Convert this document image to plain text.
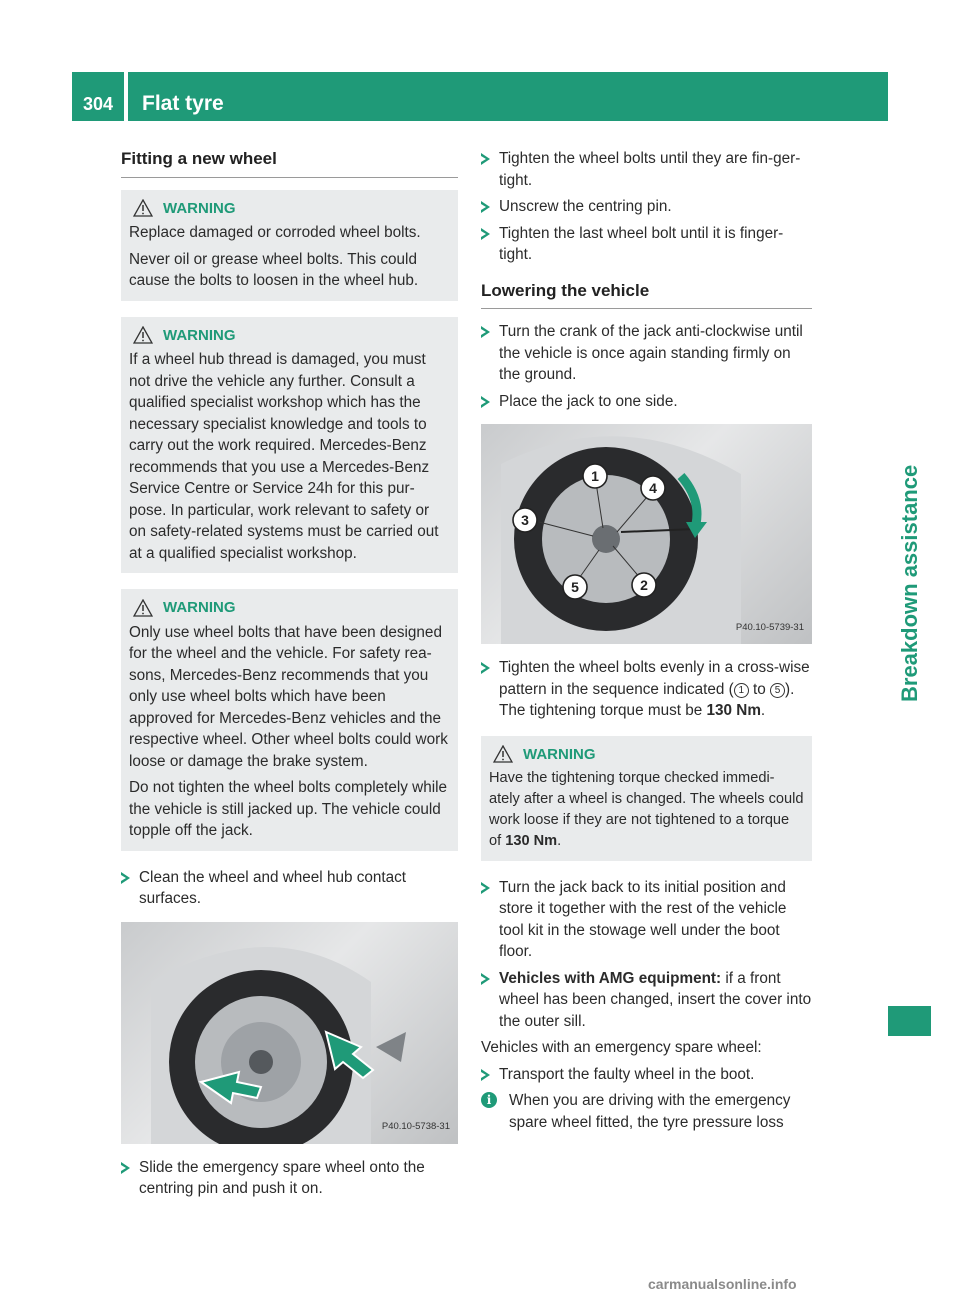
304	Flat tyre
Breakdown assistance
Fitting a new wheel
WARNING

Replace damaged or corroded wheel bolts.

Never oil or grease wheel bolts. This could cause the bolts to loosen in the wheel hub.

WARNING

If a wheel hub thread is damaged, you must not drive the vehicle any further. Consult a qualified specialist workshop which has the necessary specialist knowledge and tools to carry out the work required. Mercedes-Benz recommends that you use a Mercedes-Benz Service Centre or Service 24h for this pur-pose. In particular, work relevant to safety or on safety-related systems must be carried out at a qualified specialist workshop.

WARNING

Only use wheel bolts that have been designed for the wheel and the vehicle. For safety rea-sons, Mercedes-Benz recommends that you only use wheel bolts which have been approved for Mercedes-Benz vehicles and the respective wheel. Other wheel bolts could work loose or damage the brake system.

Do not tighten the wheel bolts completely while the vehicle is still jacked up. The vehicle could topple off the jack.

Clean the wheel and wheel hub contact surfaces.
P40.10-5738-31
Slide the emergency spare wheel onto the centring pin and push it on.
Tighten the wheel bolts until they are fin-ger-tight.
Unscrew the centring pin.
Tighten the last wheel bolt until it is finger-tight.
Lowering the vehicle
Turn the crank of the jack anti-clockwise until the vehicle is once again standing firmly on the ground.
Place the jack to one side.
1
2
3
4
5
P40.10-5739-31
Tighten the wheel bolts evenly in a cross-wise pattern in the sequence indicated ( 1 to 5 ). The tightening torque must be 130 Nm.
WARNING

Have the tightening torque checked immedi-ately after a wheel is changed. The wheels could work loose if they are not tightened to a torque of 130 Nm.

Turn the jack back to its initial position and store it together with the rest of the vehicle tool kit in the stowage well under the boot floor.
Vehicles with AMG equipment: if a front wheel has been changed, insert the cover into the outer sill.

Vehicles with an emergency spare wheel:

Transport the faulty wheel in the boot.
i	When you are driving with the emergency spare wheel fitted, the tyre pressure loss
carmanualsonline.info
